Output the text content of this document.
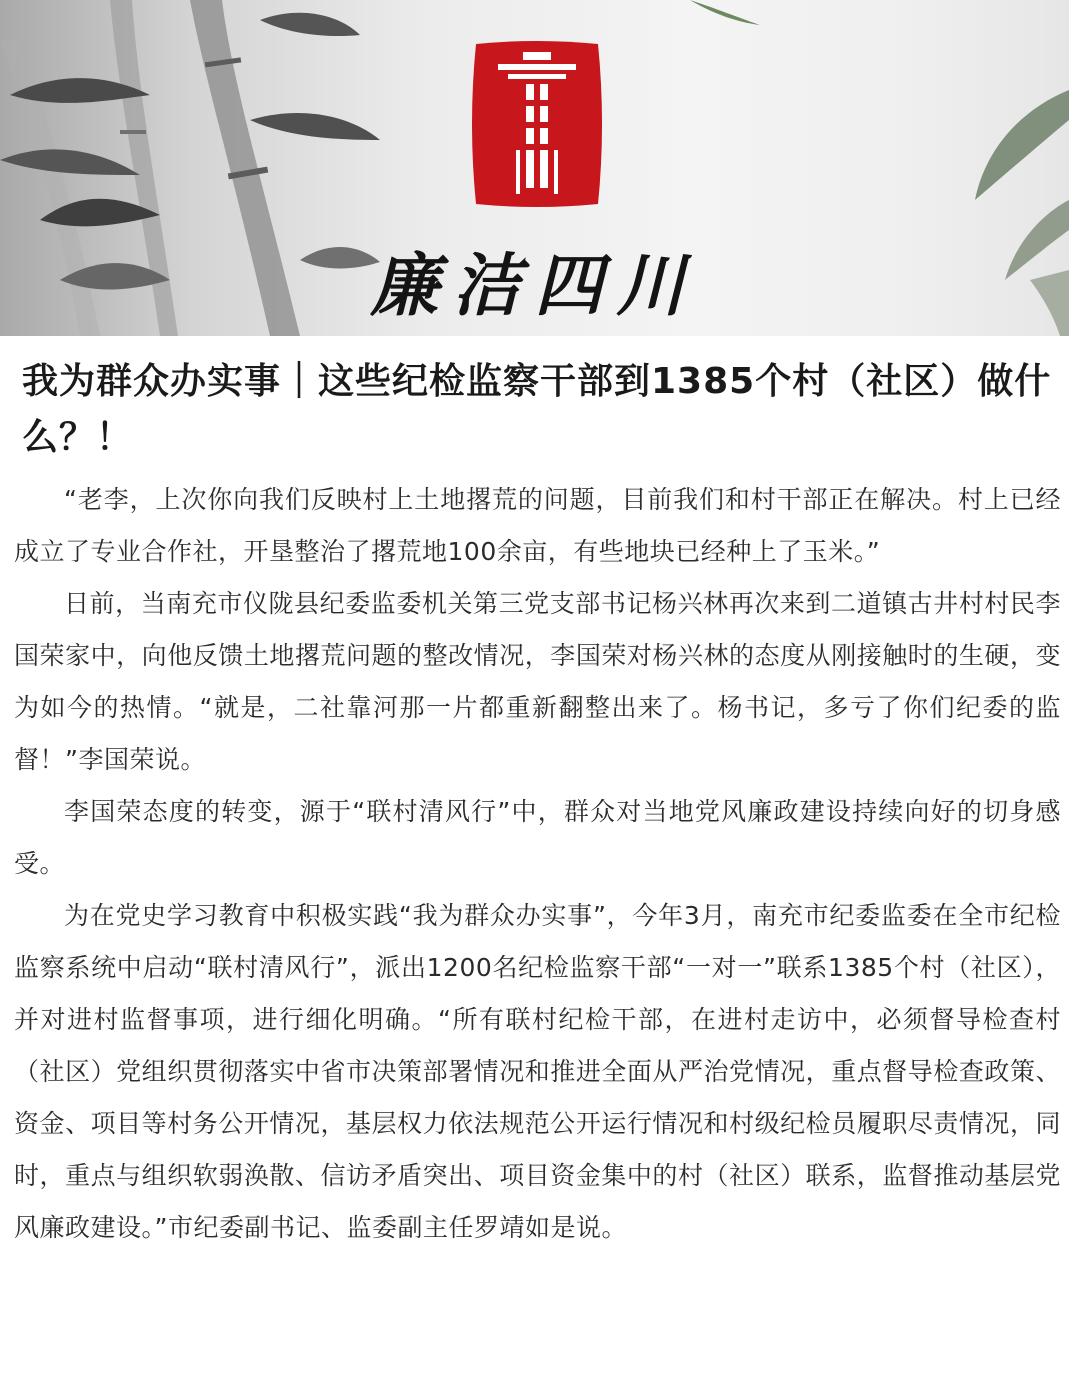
廉洁四川
我为群众办实事｜这些纪检监察干部到1385个村（社区）做什么？！

“老李，上次你向我们反映村上土地撂荒的问题，目前我们和村干部正在解决。村上已经成立了专业合作社，开垦整治了撂荒地100余亩，有些地块已经种上了玉米。”

日前，当南充市仪陇县纪委监委机关第三党支部书记杨兴林再次来到二道镇古井村村民李国荣家中，向他反馈土地撂荒问题的整改情况，李国荣对杨兴林的态度从刚接触时的生硬，变为如今的热情。“就是，二社靠河那一片都重新翻整出来了。杨书记，多亏了你们纪委的监督！”李国荣说。

李国荣态度的转变，源于“联村清风行”中，群众对当地党风廉政建设持续向好的切身感受。

为在党史学习教育中积极实践“我为群众办实事”，今年3月，南充市纪委监委在全市纪检监察系统中启动“联村清风行”，派出1200名纪检监察干部“一对一”联系1385个村（社区），并对进村监督事项，进行细化明确。“所有联村纪检干部，在进村走访中，必须督导检查村（社区）党组织贯彻落实中省市决策部署情况和推进全面从严治党情况，重点督导检查政策、资金、项目等村务公开情况，基层权力依法规范公开运行情况和村级纪检员履职尽责情况，同时，重点与组织软弱涣散、信访矛盾突出、项目资金集中的村（社区）联系，监督推动基层党风廉政建设。”市纪委副书记、监委副主任罗靖如是说。
